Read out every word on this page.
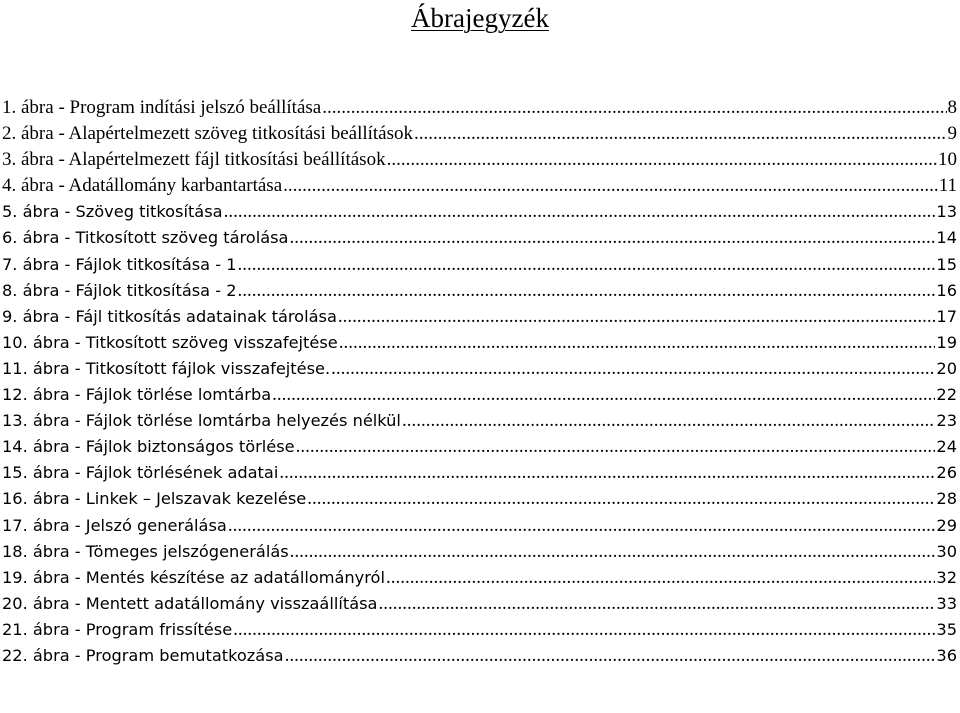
Ábrajegyzék
1. ábra - Program indítási jelszó beállítása .....	8
2. ábra - Alapértelmezett szöveg titkosítási beállítások .....	9
3. ábra - Alapértelmezett fájl titkosítási beállítások .....	10
4. ábra - Adatállomány karbantartása .....	11
5. ábra - Szöveg titkosítása .....	13
6. ábra - Titkosított szöveg tárolása .....	14
7. ábra - Fájlok titkosítása - 1 .....	15
8. ábra - Fájlok titkosítása - 2 .....	16
9. ábra - Fájl titkosítás adatainak tárolása .....	17
10. ábra - Titkosított szöveg visszafejtése .....	19
11. ábra - Titkosított fájlok visszafejtése. .....	20
12. ábra - Fájlok törlése lomtárba .....	22
13. ábra - Fájlok törlése lomtárba helyezés nélkül .....	23
14. ábra - Fájlok biztonságos törlése .....	24
15. ábra - Fájlok törlésének adatai .....	26
16. ábra - Linkek – Jelszavak kezelése .....	28
17. ábra - Jelszó generálása .....	29
18. ábra - Tömeges jelszógenerálás .....	30
19. ábra - Mentés készítése az adatállományról .....	32
20. ábra - Mentett adatállomány visszaállítása .....	33
21. ábra - Program frissítése .....	35
22. ábra - Program bemutatkozása .....	36
